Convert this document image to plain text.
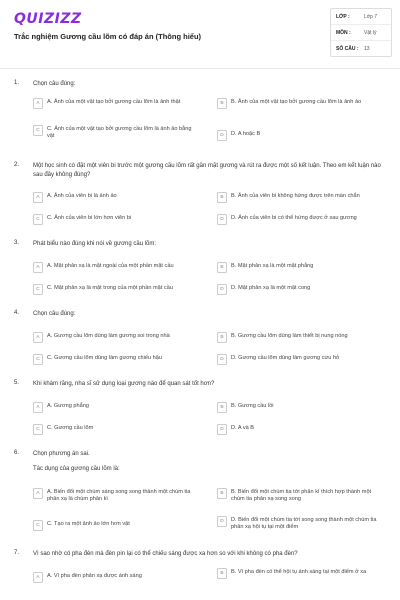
QUIZIZZ
Trắc nghiệm Gương cầu lõm có đáp án (Thông hiểu)
LỚP :	Lớp 7
MÔN :	Vật lý
SỐ CÂU :	13
1. Chọn câu đúng:
A	A. Ảnh của một vật tạo bởi gương cầu lõm là ảnh thật	B	B. Ảnh của một vật tạo bởi gương cầu lõm là ảnh ảo
C	C. Ảnh của một vật tạo bởi gương cầu lõm là ảnh ảo bằng vật	D	D. A hoặc B
2. Một học sinh có đặt một viên bi trước một gương cầu lõm rất gần mặt gương và rút ra được một số kết luận. Theo em kết luận nào sau đây không đúng?
A	A. Ảnh của viên bi là ảnh ảo	B	B. Ảnh của viên bi không hứng được trên màn chắn
C	C. Ảnh của viên bi lớn hơn viên bi	D	D. Ảnh của viên bi có thể hứng được ở sau gương
3. Phát biểu nào đúng khi nói về gương cầu lõm:
A	A. Mặt phản xạ là mặt ngoài của một phần mặt cầu	B	B. Mặt phản xạ là một mặt phẳng
C	C. Mặt phản xạ là mặt trong của một phần mặt cầu	D	D. Mặt phản xạ là một mặt cong
4. Chọn câu đúng:
A	A. Gương cầu lõm dùng làm gương soi trong nhà	B	B. Gương cầu lõm dùng làm thiết bị nung nóng
C	C. Gương cầu lõm dùng làm gương chiếu hậu	D	D. Gương cầu lõm dùng làm gương cưu hỏ
5. Khi khám răng, nha sĩ sử dụng loại gương nào để quan sát tốt hơn?
A	A. Gương phẳng	B	B. Gương cầu lồi
C	C. Gương cầu lõm	D	D. A và B
6. Chọn phương án sai.
Tác dụng của gương cầu lõm là:
A	A. Biến đổi một chùm sáng song song thành một chùm tia phản xạ là chùm phân kì
B	B. Biến đổi một chùm tia tới phân kì thích hợp thành một chùm tia phản xạ song song
C	C. Tạo ra một ảnh ảo lớn hơn vật	D	D. Biến đổi một chùm tia tới song song thành một chùm tia phản xạ hội tụ tại một điểm
7. Vì sao nhờ có pha đèn mà đèn pin lại có thể chiếu sáng được xa hơn so với khi không có pha đèn?
A	A. Vì pha đèn phản xạ được ánh sáng	B	B. Vì pha đèn có thể hội tụ ánh sáng tại một điểm ở xa
